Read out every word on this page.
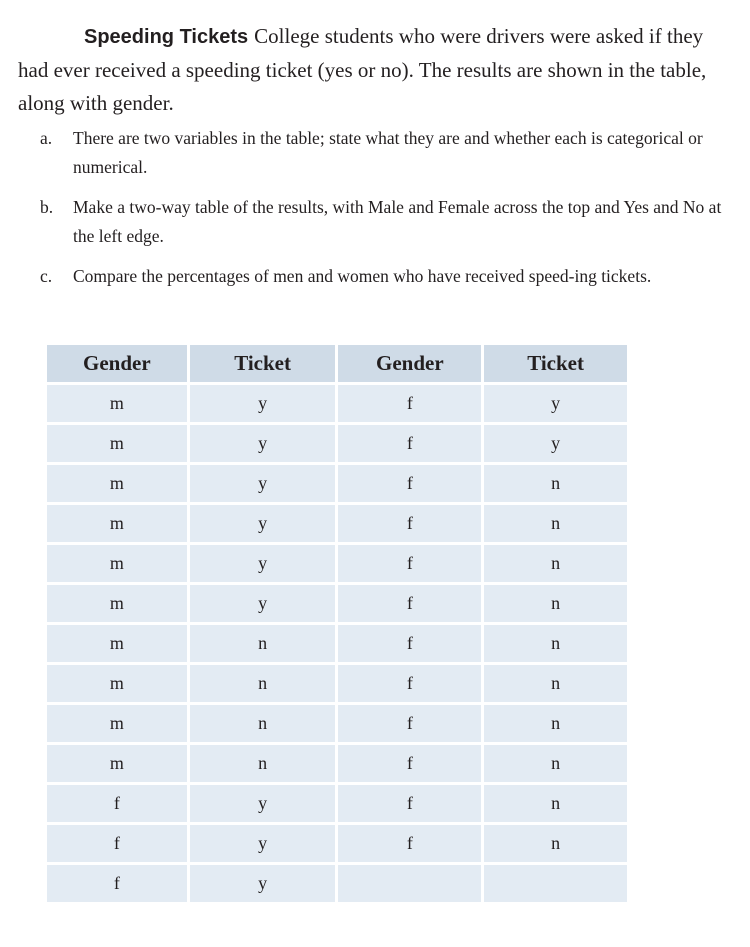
Speeding Tickets College students who were drivers were asked if they had ever received a speeding ticket (yes or no). The results are shown in the table, along with gender.

a. There are two variables in the table; state what they are and whether each is categorical or numerical.
b. Make a two-way table of the results, with Male and Female across the top and Yes and No at the left edge.
c. Compare the percentages of men and women who have received speed-ing tickets.
Gender	Ticket	Gender	Ticket
m	y	f	y
m	y	f	y
m	y	f	n
m	y	f	n
m	y	f	n
m	y	f	n
m	n	f	n
m	n	f	n
m	n	f	n
m	n	f	n
f	y	f	n
f	y	f	n
f	y		
